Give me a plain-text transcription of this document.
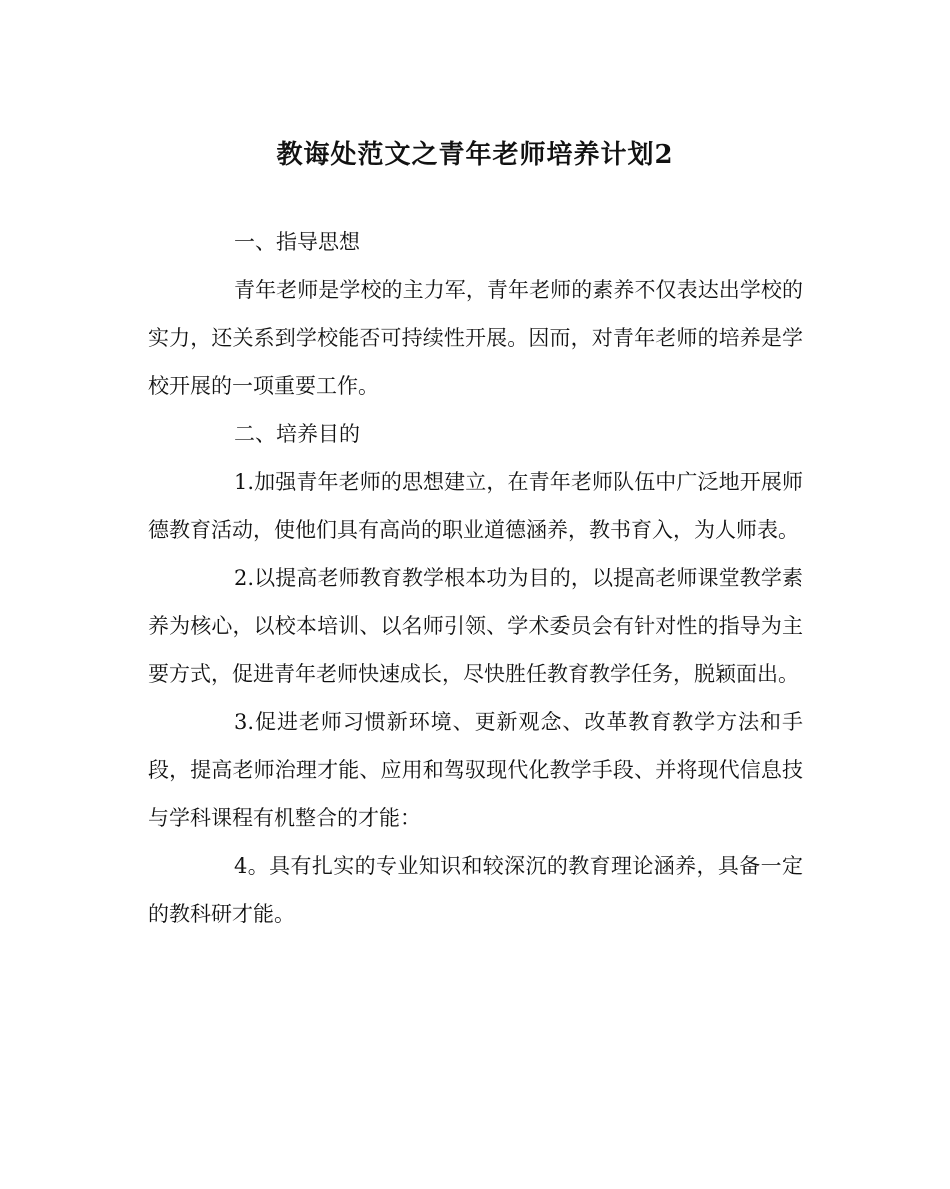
教诲处范文之青年老师培养计划2

一、指导思想

青年老师是学校的主力军，青年老师的素养不仅表达出学校的实力，还关系到学校能否可持续性开展。因而，对青年老师的培养是学校开展的一项重要工作。

二、培养目的

1.加强青年老师的思想建立，在青年老师队伍中广泛地开展师德教育活动，使他们具有高尚的职业道德涵养，教书育入，为人师表。

2.以提高老师教育教学根本功为目的，以提高老师课堂教学素养为核心，以校本培训、以名师引领、学术委员会有针对性的指导为主要方式，促进青年老师快速成长，尽快胜任教育教学任务，脱颖面出。

3.促进老师习惯新环境、更新观念、改革教育教学方法和手段，提高老师治理才能、应用和驾驭现代化教学手段、并将现代信息技与学科课程有机整合的才能：

4。具有扎实的专业知识和较深沉的教育理论涵养，具备一定的教科研才能。
